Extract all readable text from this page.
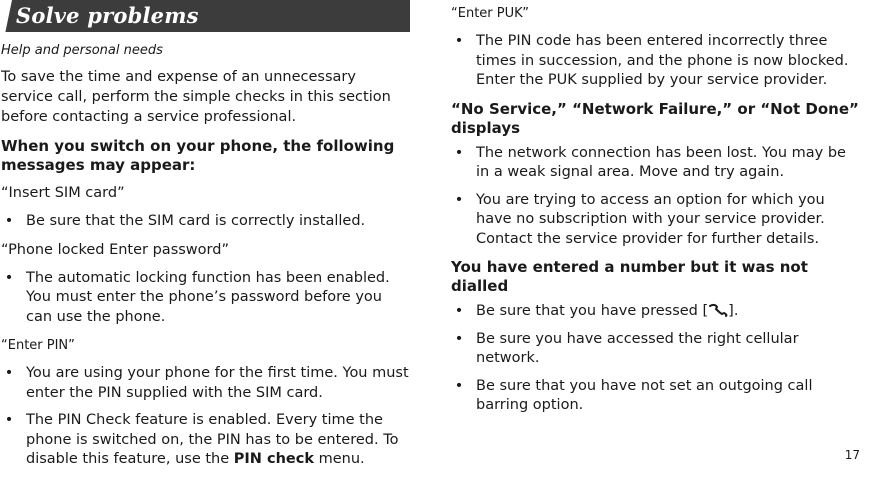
Solve problems
Help and personal needs

To save the time and expense of an unnecessary service call, perform the simple checks in this section before contacting a service professional.

When you switch on your phone, the following messages may appear:
“Insert SIM card”
• Be sure that the SIM card is correctly installed.
“Phone locked Enter password”
• The automatic locking function has been enabled. You must enter the phone’s password before you can use the phone.
“Enter PIN”
• You are using your phone for the first time. You must enter the PIN supplied with the SIM card.
• The PIN Check feature is enabled. Every time the phone is switched on, the PIN has to be entered. To disable this feature, use the PIN check menu.
“Enter PUK”
• The PIN code has been entered incorrectly three times in succession, and the phone is now blocked. Enter the PUK supplied by your service provider.
“No Service,” “Network Failure,” or “Not Done” displays
• The network connection has been lost. You may be in a weak signal area. Move and try again.
• You are trying to access an option for which you have no subscription with your service provider. Contact the service provider for further details.
You have entered a number but it was not dialled
• Be sure that you have pressed [ ].
• Be sure you have accessed the right cellular network.
• Be sure that you have not set an outgoing call barring option.
17
